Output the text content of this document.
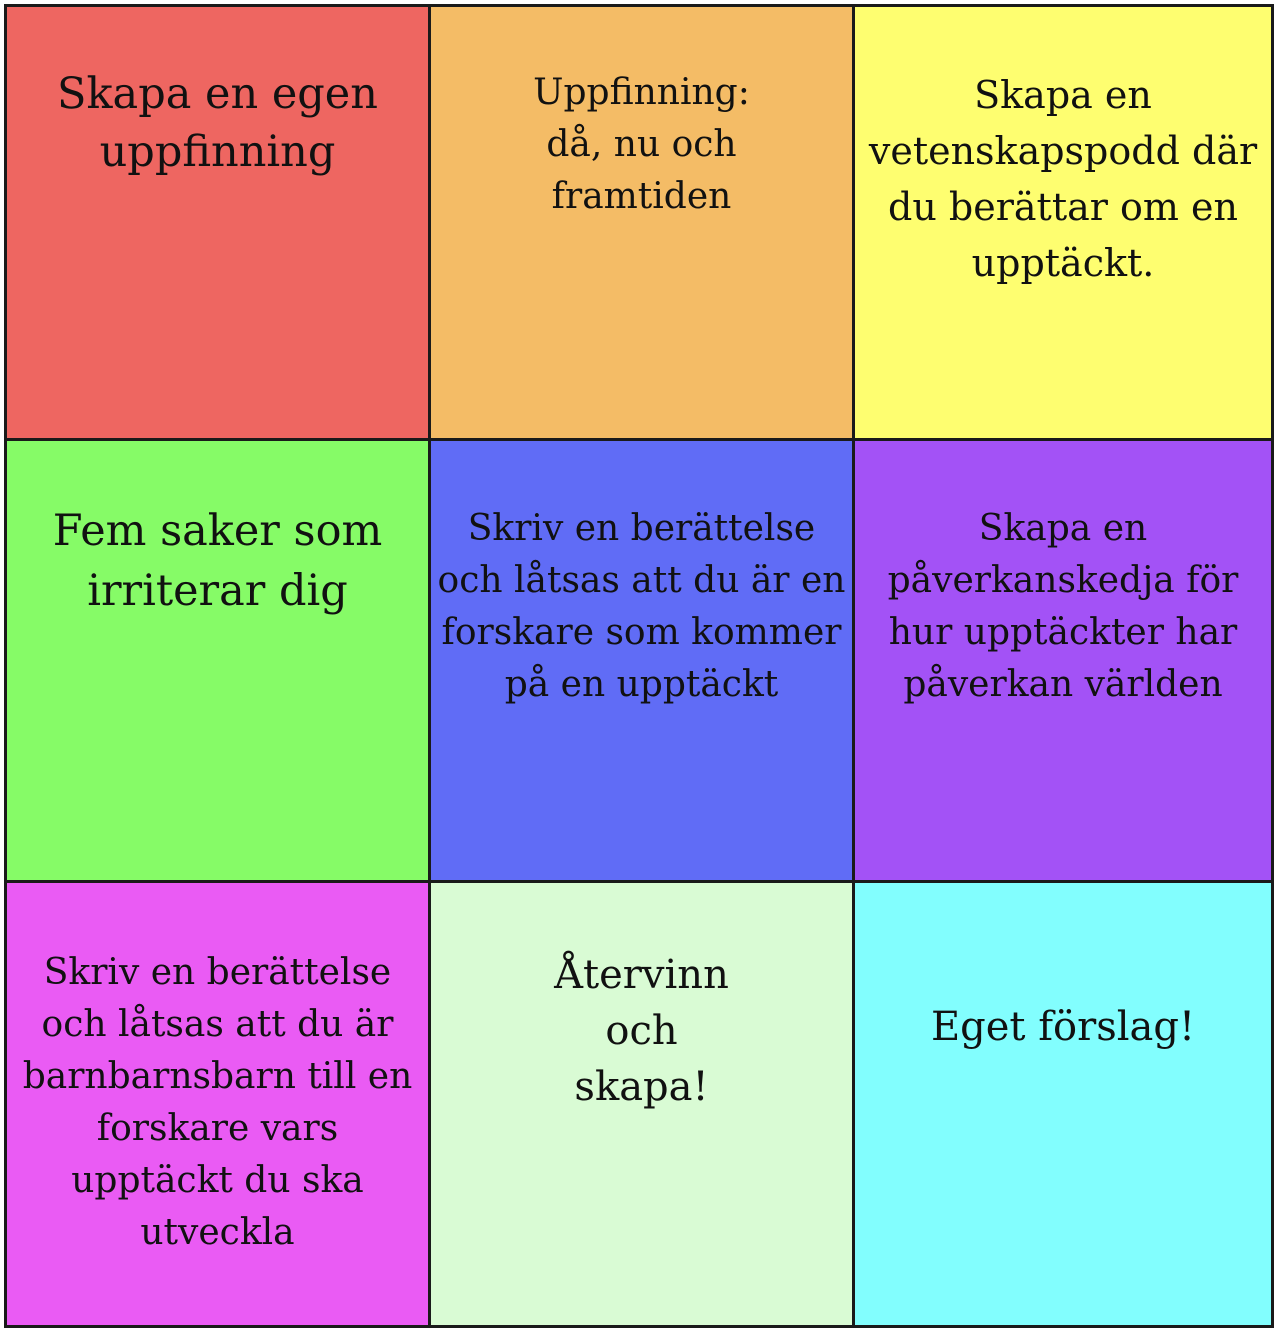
Skapa en egen
uppfinning
Uppfinning:
då, nu och
framtiden
Skapa en
vetenskapspodd där
du berättar om en
upptäckt.
Fem saker som
irriterar dig
Skriv en berättelse
och låtsas att du är en
forskare som kommer
på en upptäckt
Skapa en
påverkanskedja för
hur upptäckter har
påverkan världen
Skriv en berättelse
och låtsas att du är
barnbarnsbarn till en
forskare vars
upptäckt du ska
utveckla
Återvinn
och
skapa!
Eget förslag!
